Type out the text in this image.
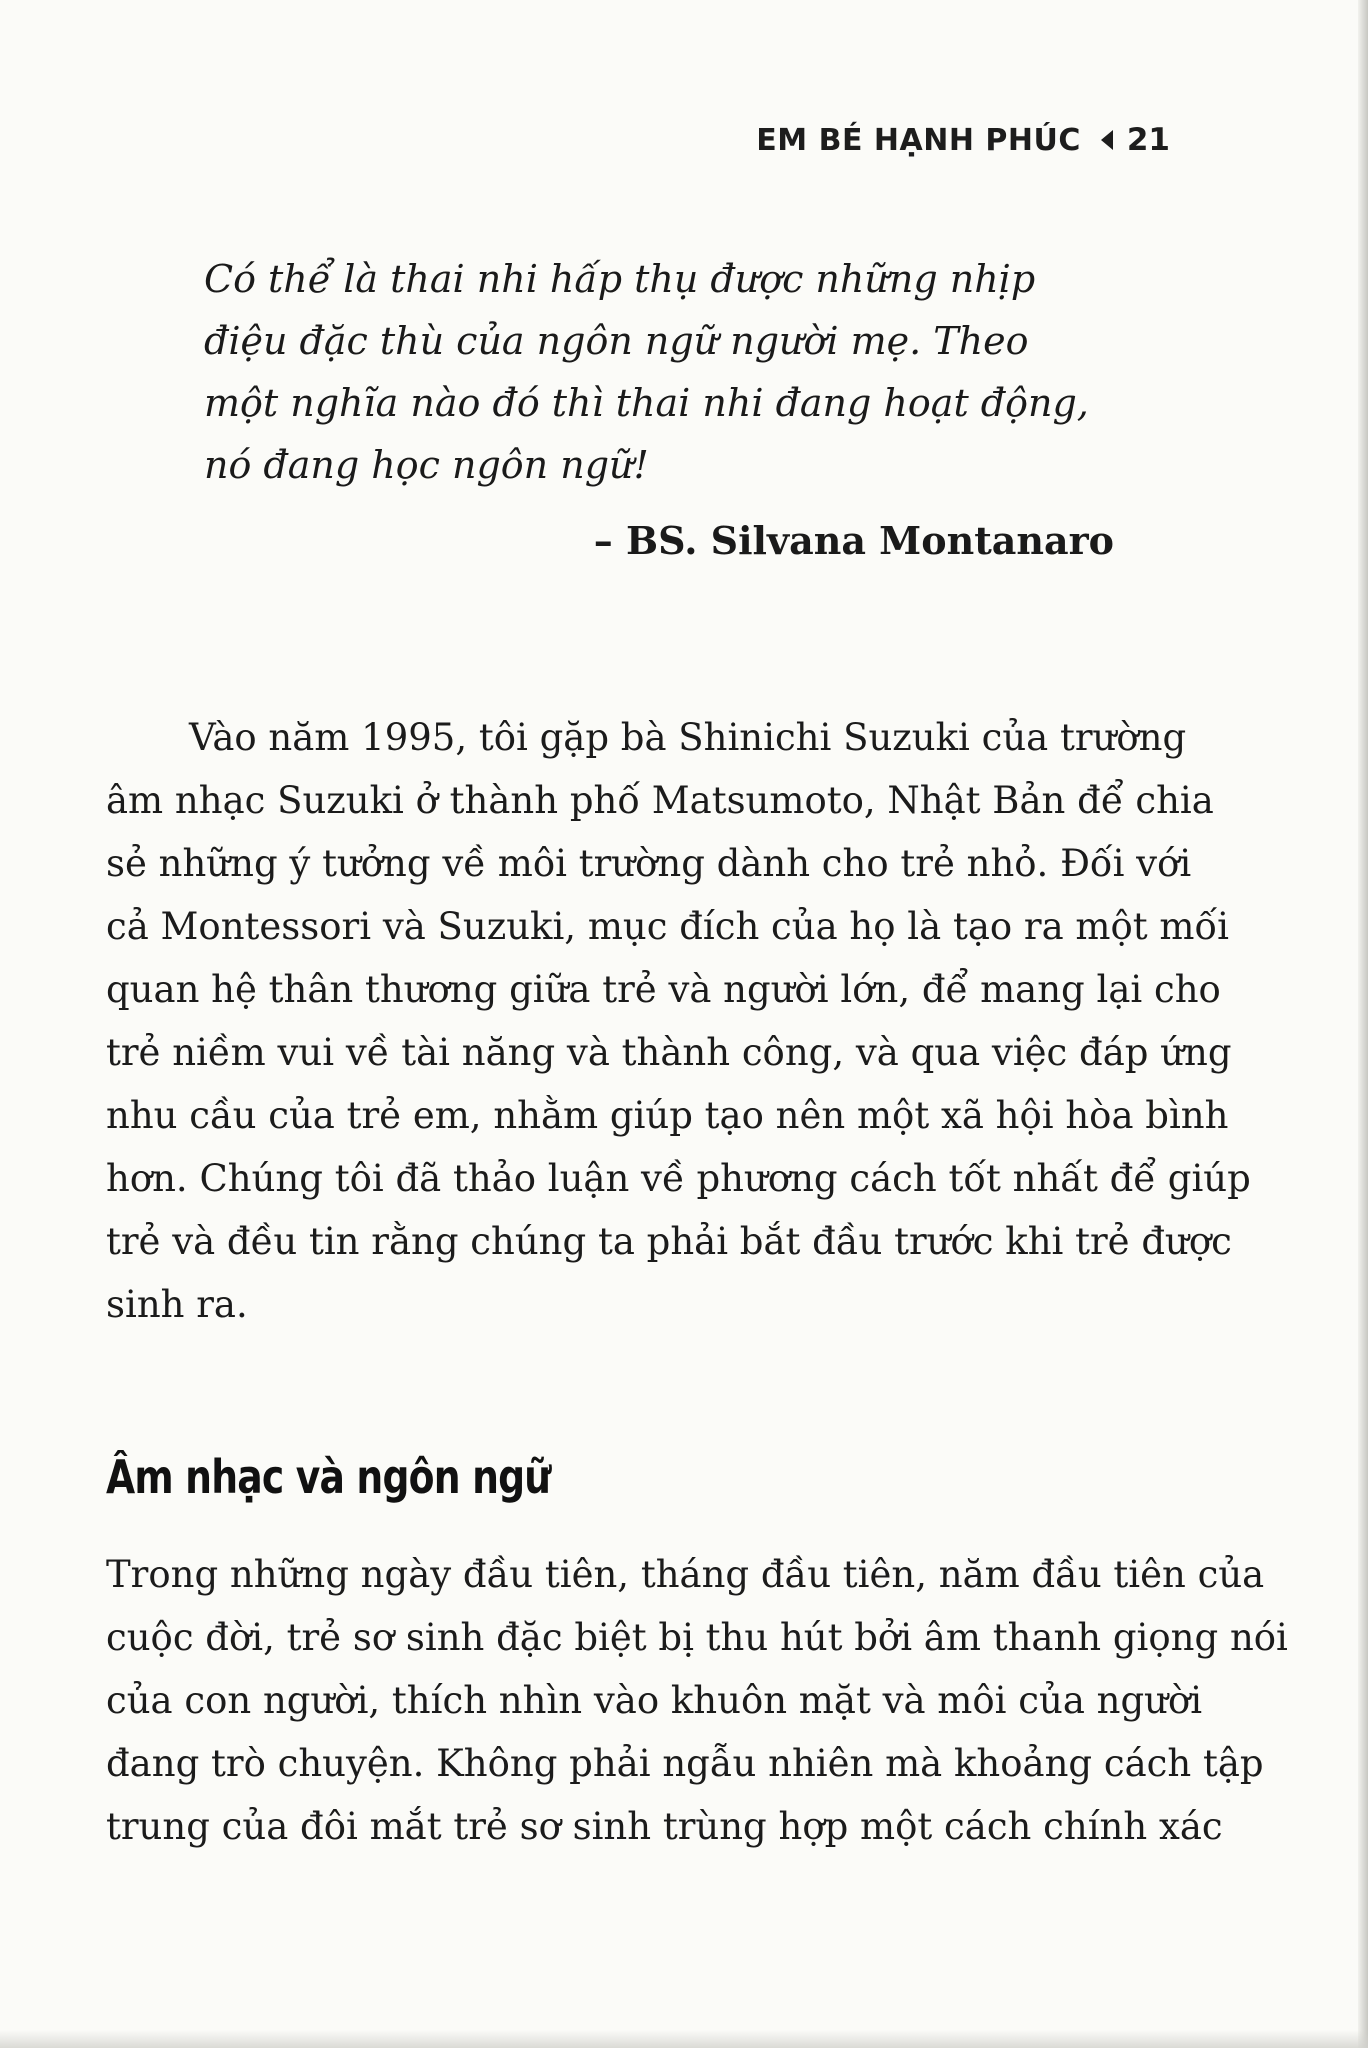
EM BÉ HẠNH PHÚC 21
Có thể là thai nhi hấp thụ được những nhịp
điệu đặc thù của ngôn ngữ người mẹ. Theo
một nghĩa nào đó thì thai nhi đang hoạt động,
nó đang học ngôn ngữ!
– BS. Silvana Montanaro
Vào năm 1995, tôi gặp bà Shinichi Suzuki của trường
âm nhạc Suzuki ở thành phố Matsumoto, Nhật Bản để chia
sẻ những ý tưởng về môi trường dành cho trẻ nhỏ. Đối với
cả Montessori và Suzuki, mục đích của họ là tạo ra một mối
quan hệ thân thương giữa trẻ và người lớn, để mang lại cho
trẻ niềm vui về tài năng và thành công, và qua việc đáp ứng
nhu cầu của trẻ em, nhằm giúp tạo nên một xã hội hòa bình
hơn. Chúng tôi đã thảo luận về phương cách tốt nhất để giúp
trẻ và đều tin rằng chúng ta phải bắt đầu trước khi trẻ được
sinh ra.
Âm nhạc và ngôn ngữ
Trong những ngày đầu tiên, tháng đầu tiên, năm đầu tiên của
cuộc đời, trẻ sơ sinh đặc biệt bị thu hút bởi âm thanh giọng nói
của con người, thích nhìn vào khuôn mặt và môi của người
đang trò chuyện. Không phải ngẫu nhiên mà khoảng cách tập
trung của đôi mắt trẻ sơ sinh trùng hợp một cách chính xác
